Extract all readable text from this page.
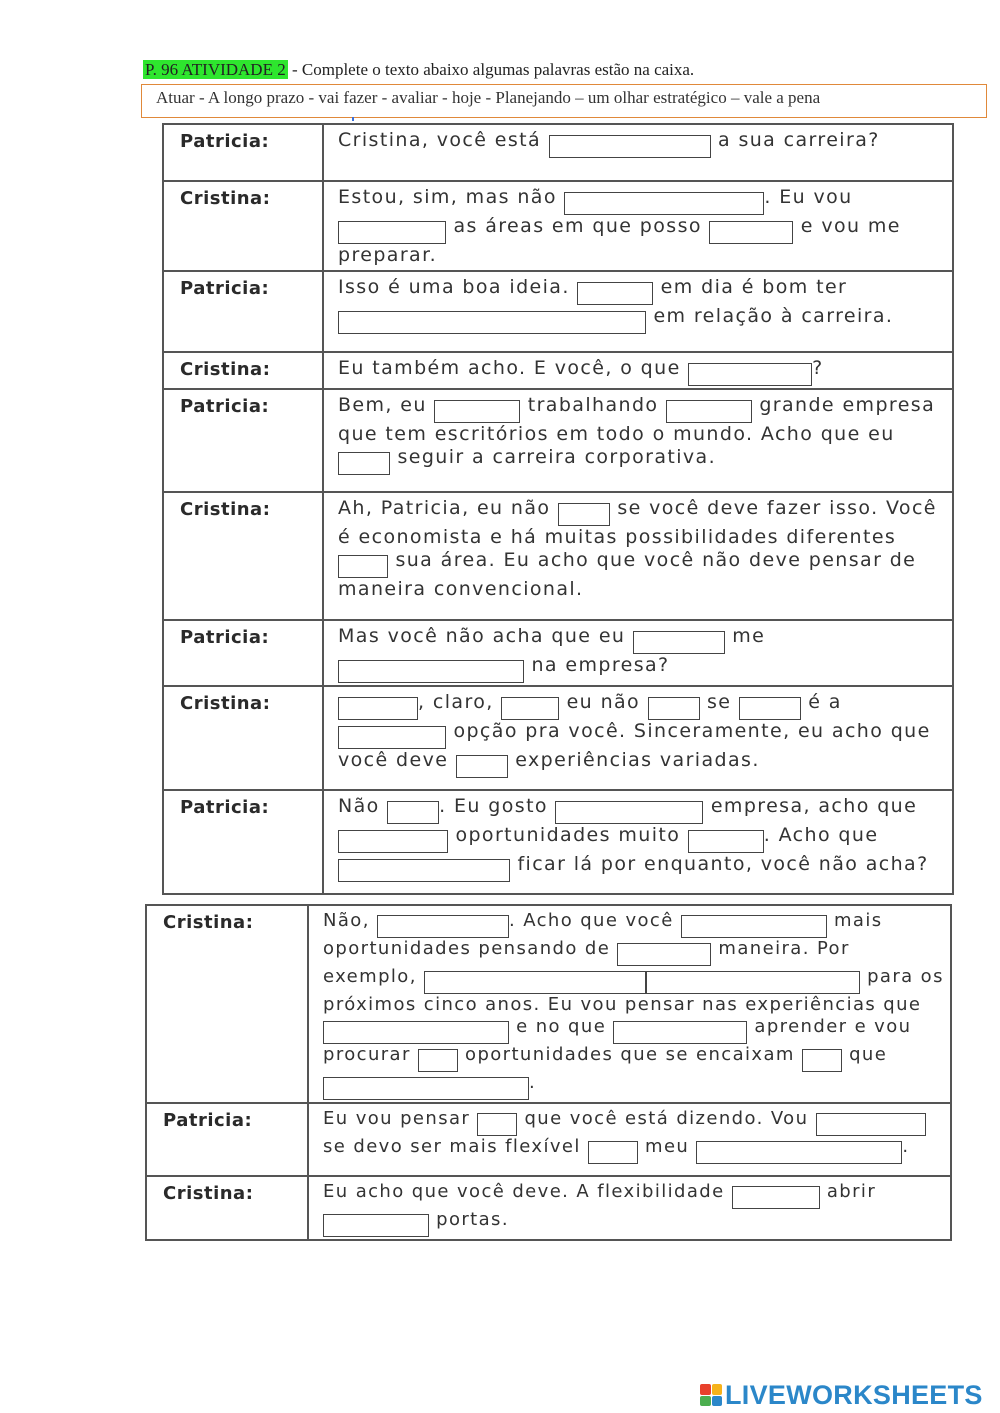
P. 96 ATIVIDADE 2 - Complete o texto abaixo algumas palavras estão na caixa.
Atuar - A longo prazo - vai fazer - avaliar - hoje - Planejando – um olhar estratégico – vale a pena
Patricia:	Cristina, você está a sua carreira?
Cristina:	Estou, sim, mas não . Eu vou  as áreas em que posso e vou me preparar.
Patricia:	Isso é uma boa ideia. em dia é bom ter  em relação à carreira.
Cristina:	Eu também acho. E você, o que ?
Patricia:	Bem, eu trabalhando grande empresa que tem escritórios em todo o mundo. Acho que eu  seguir a carreira corporativa.
Cristina:	Ah, Patricia, eu não se você deve fazer isso. Você é economista e há muitas possibilidades diferentes  sua área. Eu acho que você não deve pensar de maneira convencional.
Patricia:	Mas você não acha que eu me  na empresa?
Cristina:	, claro, eu não se é a  opção pra você. Sinceramente, eu acho que você deve experiências variadas.
Patricia:	Não . Eu gosto empresa, acho que  oportunidades muito . Acho que  ficar lá por enquanto, você não acha?
Cristina:	Não, . Acho que você mais oportunidades pensando de maneira. Por exemplo, para os próximos cinco anos. Eu vou pensar nas experiências que  e no que aprender e vou procurar  oportunidades que se encaixam  que .
Patricia:	Eu vou pensar  que você está dizendo. Vou  se devo ser mais flexível meu .
Cristina:	Eu acho que você deve. A flexibilidade abrir  portas.
LIVEWORKSHEETS
